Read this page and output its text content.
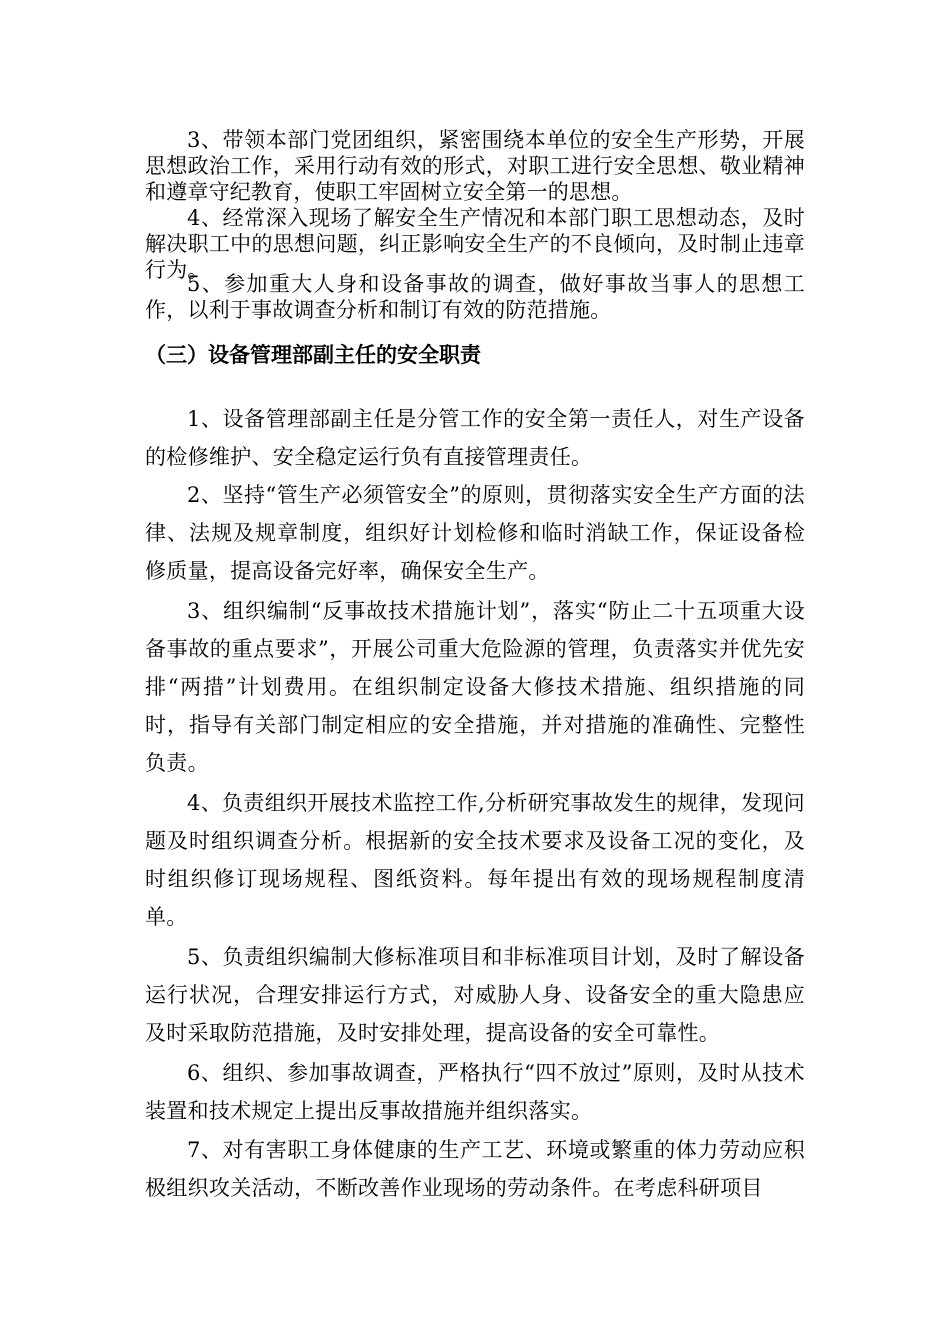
3、带领本部门党团组织，紧密围绕本单位的安全生产形势，开展思想政治工作，采用行动有效的形式，对职工进行安全思想、敬业精神和遵章守纪教育，使职工牢固树立安全第一的思想。

4、经常深入现场了解安全生产情况和本部门职工思想动态，及时解决职工中的思想问题，纠正影响安全生产的不良倾向，及时制止违章行为。

5、参加重大人身和设备事故的调查，做好事故当事人的思想工作，以利于事故调查分析和制订有效的防范措施。

（三）设备管理部副主任的安全职责

1、设备管理部副主任是分管工作的安全第一责任人，对生产设备的检修维护、安全稳定运行负有直接管理责任。

2、坚持“管生产必须管安全”的原则，贯彻落实安全生产方面的法律、法规及规章制度，组织好计划检修和临时消缺工作，保证设备检修质量，提高设备完好率，确保安全生产。

3、组织编制“反事故技术措施计划”，落实“防止二十五项重大设备事故的重点要求”，开展公司重大危险源的管理，负责落实并优先安排“两措”计划费用。在组织制定设备大修技术措施、组织措施的同时，指导有关部门制定相应的安全措施，并对措施的准确性、完整性负责。

4、负责组织开展技术监控工作,分析研究事故发生的规律，发现问题及时组织调查分析。根据新的安全技术要求及设备工况的变化，及时组织修订现场规程、图纸资料。每年提出有效的现场规程制度清单。

5、负责组织编制大修标准项目和非标准项目计划，及时了解设备运行状况，合理安排运行方式，对威胁人身、设备安全的重大隐患应及时采取防范措施，及时安排处理，提高设备的安全可靠性。

6、组织、参加事故调查，严格执行“四不放过”原则，及时从技术装置和技术规定上提出反事故措施并组织落实。

7、对有害职工身体健康的生产工艺、环境或繁重的体力劳动应积极组织攻关活动，不断改善作业现场的劳动条件。在考虑科研项目
